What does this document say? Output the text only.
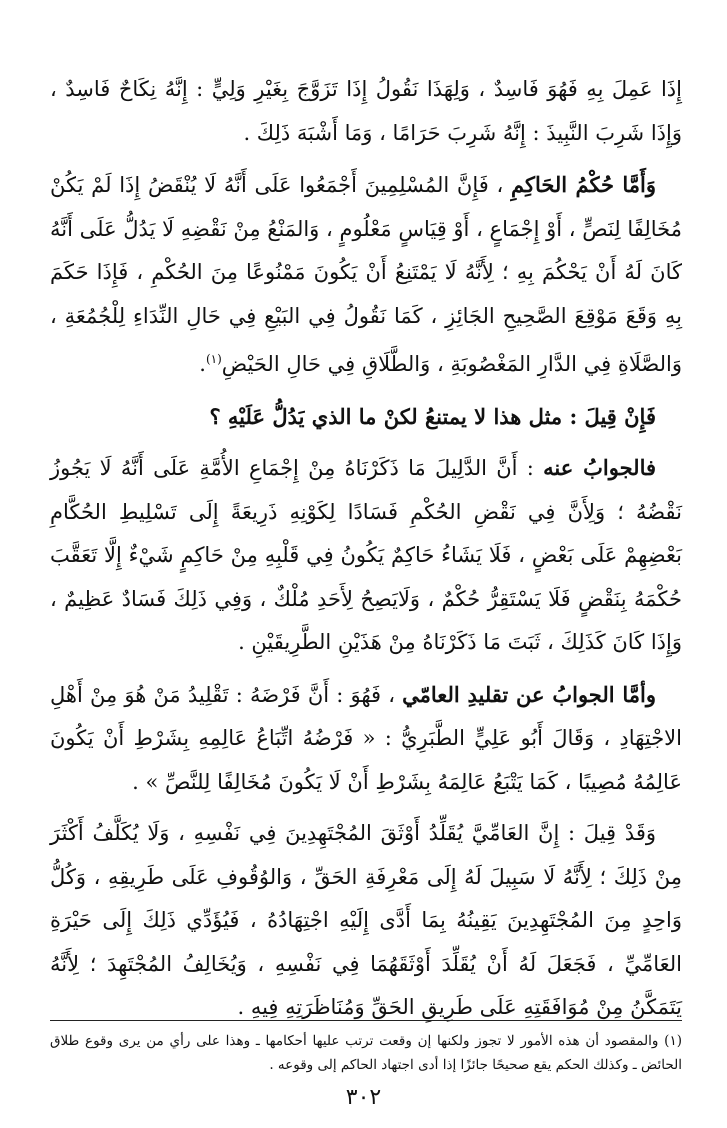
إِذَا عَمِلَ بِهِ فَهُوَ فَاسِدٌ ، وَلِهَذَا نَقُولُ إِذَا تَزَوَّجَ بِغَيْرِ وَلِيٍّ : إِنَّهُ نِكَاحٌ فَاسِدٌ ، وَإِذَا شَرِبَ النَّبِيذَ : إِنَّهُ شَرِبَ حَرَامًا ، وَمَا أَشْبَهَ ذَلِكَ .

وَأَمَّا حُكْمُ الحَاكِمِ ، فَإِنَّ المُسْلِمِينَ أَجْمَعُوا عَلَى أَنَّهُ لَا يُنْقَضُ إِذَا لَمْ يَكُنْ مُخَالِفًا لِنَصٍّ ، أَوْ إِجْمَاعٍ ، أَوْ قِيَاسٍ مَعْلُومٍ ، وَالمَنْعُ مِنْ نَقْضِهِ لَا يَدُلُّ عَلَى أَنَّهُ كَانَ لَهُ أَنْ يَحْكُمَ بِهِ ؛ لِأَنَّهُ لَا يَمْتَنِعُ أَنْ يَكُونَ مَمْنُوعًا مِنَ الحُكْمِ ، فَإِذَا حَكَمَ بِهِ وَقَعَ مَوْقِعَ الصَّحِيحِ الجَائِزِ ، كَمَا نَقُولُ فِي البَيْعِ فِي حَالِ النِّدَاءِ لِلْجُمُعَةِ ، وَالصَّلَاةِ فِي الدَّارِ المَغْصُوبَةِ ، وَالطَّلَاقِ فِي حَالِ الحَيْضِ$^{(١)}$.

فَإِنْ قِيلَ : مثل هذا لا يمتنعُ لكنْ ما الذي يَدُلُّ عَلَيْهِ ؟

فالجوابُ عنه : أَنَّ الدَّلِيلَ مَا ذَكَرْنَاهُ مِنْ إِجْمَاعِ الأُمَّةِ عَلَى أَنَّهُ لَا يَجُوزُ نَقْضُهُ ؛ وَلِأَنَّ فِي نَقْضِ الحُكْمِ فَسَادًا لِكَوْنِهِ ذَرِيعَةً إِلَى تَسْلِيطِ الحُكَّامِ بَعْضِهِمْ عَلَى بَعْضٍ ، فَلَا يَشَاءُ حَاكِمٌ يَكُونُ فِي قَلْبِهِ مِنْ حَاكِمٍ شَيْءٌ إِلَّا تَعَقَّبَ حُكْمَهُ بِنَقْضٍ فَلَا يَسْتَقِرُّ حُكْمٌ ، وَلَايَصِحُ لِأَحَدِ مُلْكٌ ، وَفِي ذَلِكَ فَسَادٌ عَظِيمٌ ، وَإِذَا كَانَ كَذَلِكَ ، ثَبَتَ مَا ذَكَرْنَاهُ مِنْ هَذَيْنِ الطَّرِيقَيْنِ .

وأمَّا الجوابُ عن تقليدِ العامّي ، فَهُوَ : أَنَّ فَرْضَهُ : تَقْلِيدُ مَنْ هُوَ مِنْ أَهْلِ الاجْتِهَادِ ، وَقَالَ أَبُو عَلِيٍّ الطَّبَرِيُّ : « فَرْضُهُ اتِّبَاعُ عَالِمِهِ بِشَرْطِ أَنْ يَكُونَ عَالِمُهُ مُصِيبًا ، كَمَا يَتْبَعُ عَالِمَهُ بِشَرْطِ أَنْ لَا يَكُونَ مُخَالِفًا لِلنَّصِّ » .

وَقَدْ قِيلَ : إِنَّ العَامِّيَّ يُقَلِّدُ أَوْثَقَ المُجْتَهِدِينَ فِي نَفْسِهِ ، وَلَا يُكَلَّفُ أَكْثَرَ مِنْ ذَلِكَ ؛ لِأَنَّهُ لَا سَبِيلَ لَهُ إِلَى مَعْرِفَةِ الحَقِّ ، وَالوُقُوفِ عَلَى طَرِيقِهِ ، وَكُلُّ وَاحِدٍ مِنَ المُجْتَهِدِينَ يَقِينُهُ بِمَا أَدَّى إِلَيْهِ اجْتِهَادُهُ ، فَيُؤَدِّي ذَلِكَ إِلَى حَيْرَةِ العَامِّيِّ ، فَجَعَلَ لَهُ أَنْ يُقَلِّدَ أَوْثَقَهُمَا فِي نَفْسِهِ ، وَيُخَالِفُ المُجْتَهِدَ ؛ لِأَنَّهُ يَتَمَكَّنُ مِنْ مُوَافَقَتِهِ عَلَى طَرِيقِ الحَقِّ وَمُنَاظَرَتِهِ فِيهِ .

(١) والمقصود أن هذه الأمور لا تجوز ولكنها إن وقعت ترتب عليها أحكامها ـ وهذا على رأي من يرى وقوع طلاق الحائض ـ وكذلك الحكم يقع صحيحًا جائزًا إذا أدى اجتهاد الحاكم إلى وقوعه .

٣٠٢
